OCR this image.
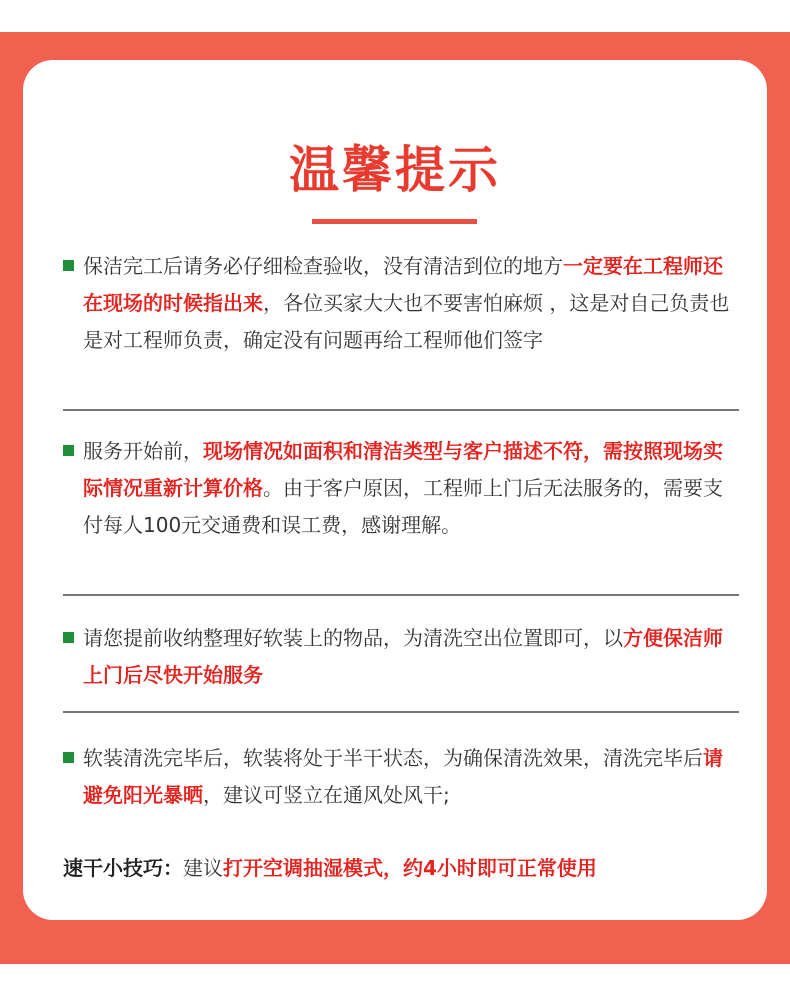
温馨提示
保洁完工后请务必仔细检查验收，没有清洁到位的地方一定要在工程师还在现场的时候指出来，各位买家大大也不要害怕麻烦 ，这是对自己负责也是对工程师负责，确定没有问题再给工程师他们签字
服务开始前，现场情况如面积和清洁类型与客户描述不符，需按照现场实际情况重新计算价格。由于客户原因，工程师上门后无法服务的，需要支付每人100元交通费和误工费，感谢理解。
请您提前收纳整理好软装上的物品，为清洗空出位置即可，以方便保洁师上门后尽快开始服务
软装清洗完毕后，软装将处于半干状态，为确保清洗效果，清洗完毕后请避免阳光暴晒，建议可竖立在通风处风干;
速干小技巧：建议打开空调抽湿模式，约4小时即可正常使用
